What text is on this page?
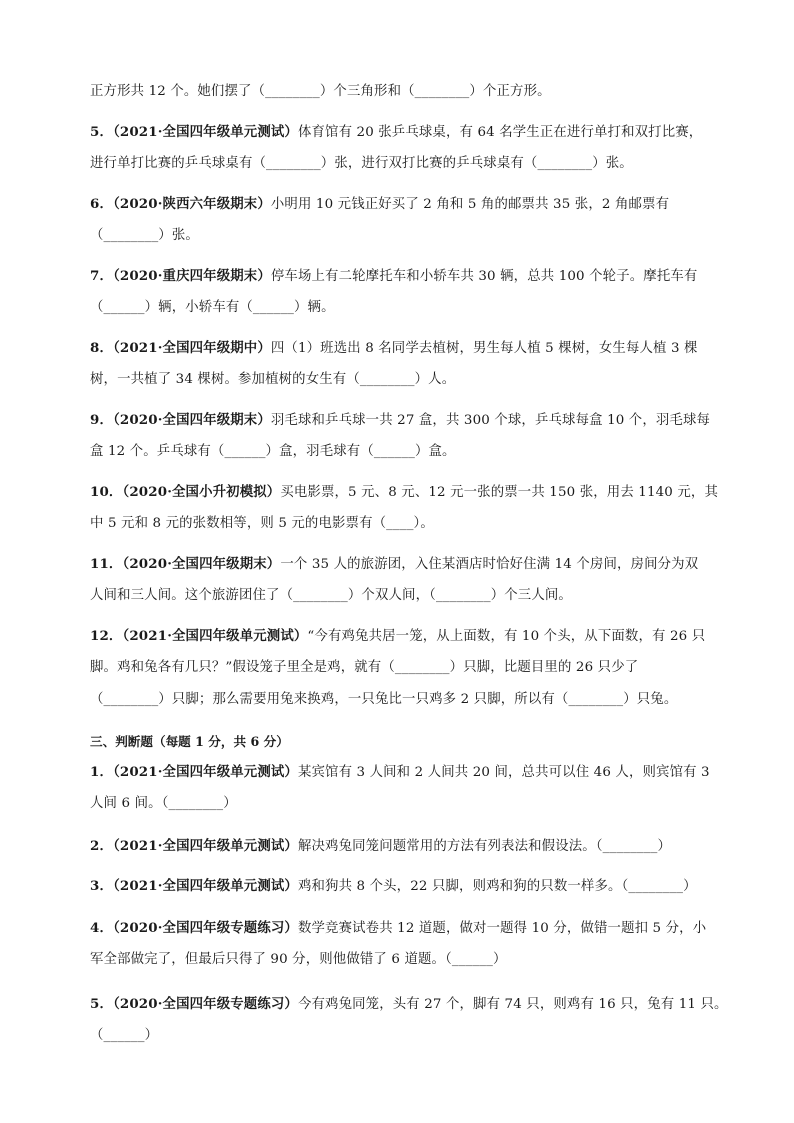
正方形共 12 个。她们摆了（________）个三角形和（________）个正方形。
5．（2021·全国四年级单元测试）体育馆有 20 张乒乓球桌，有 64 名学生正在进行单打和双打比赛，
进行单打比赛的乒乓球桌有（________）张，进行双打比赛的乒乓球桌有（________）张。
6．（2020·陕西六年级期末）小明用 10 元钱正好买了 2 角和 5 角的邮票共 35 张，2 角邮票有
（________）张。
7．（2020·重庆四年级期末）停车场上有二轮摩托车和小轿车共 30 辆，总共 100 个轮子。摩托车有
（______）辆，小轿车有（______）辆。
8．（2021·全国四年级期中）四（1）班选出 8 名同学去植树，男生每人植 5 棵树，女生每人植 3 棵
树，一共植了 34 棵树。参加植树的女生有（________）人。
9．（2020·全国四年级期末）羽毛球和乒乓球一共 27 盒，共 300 个球，乒乓球每盒 10 个，羽毛球每
盒 12 个。乒乓球有（______）盒，羽毛球有（______）盒。
10．（2020·全国小升初模拟）买电影票，5 元、8 元、12 元一张的票一共 150 张，用去 1140 元，其
中 5 元和 8 元的张数相等，则 5 元的电影票有（____）。
11．（2020·全国四年级期末）一个 35 人的旅游团，入住某酒店时恰好住满 14 个房间，房间分为双
人间和三人间。这个旅游团住了（________）个双人间，（________）个三人间。
12．（2021·全国四年级单元测试）“今有鸡兔共居一笼，从上面数，有 10 个头，从下面数，有 26 只
脚。鸡和兔各有几只？”假设笼子里全是鸡，就有（________）只脚，比题目里的 26 只少了
（________）只脚；那么需要用兔来换鸡，一只兔比一只鸡多 2 只脚，所以有（________）只兔。
三、判断题（每题 1 分，共 6 分）
1．（2021·全国四年级单元测试）某宾馆有 3 人间和 2 人间共 20 间，总共可以住 46 人，则宾馆有 3
人间 6 间。（________）
2．（2021·全国四年级单元测试）解决鸡兔同笼问题常用的方法有列表法和假设法。（________）
3．（2021·全国四年级单元测试）鸡和狗共 8 个头，22 只脚，则鸡和狗的只数一样多。（________）
4．（2020·全国四年级专题练习）数学竞赛试卷共 12 道题，做对一题得 10 分，做错一题扣 5 分，小
军全部做完了，但最后只得了 90 分，则他做错了 6 道题。（______）
5．（2020·全国四年级专题练习）今有鸡兔同笼，头有 27 个，脚有 74 只，则鸡有 16 只，兔有 11 只。
（______）
